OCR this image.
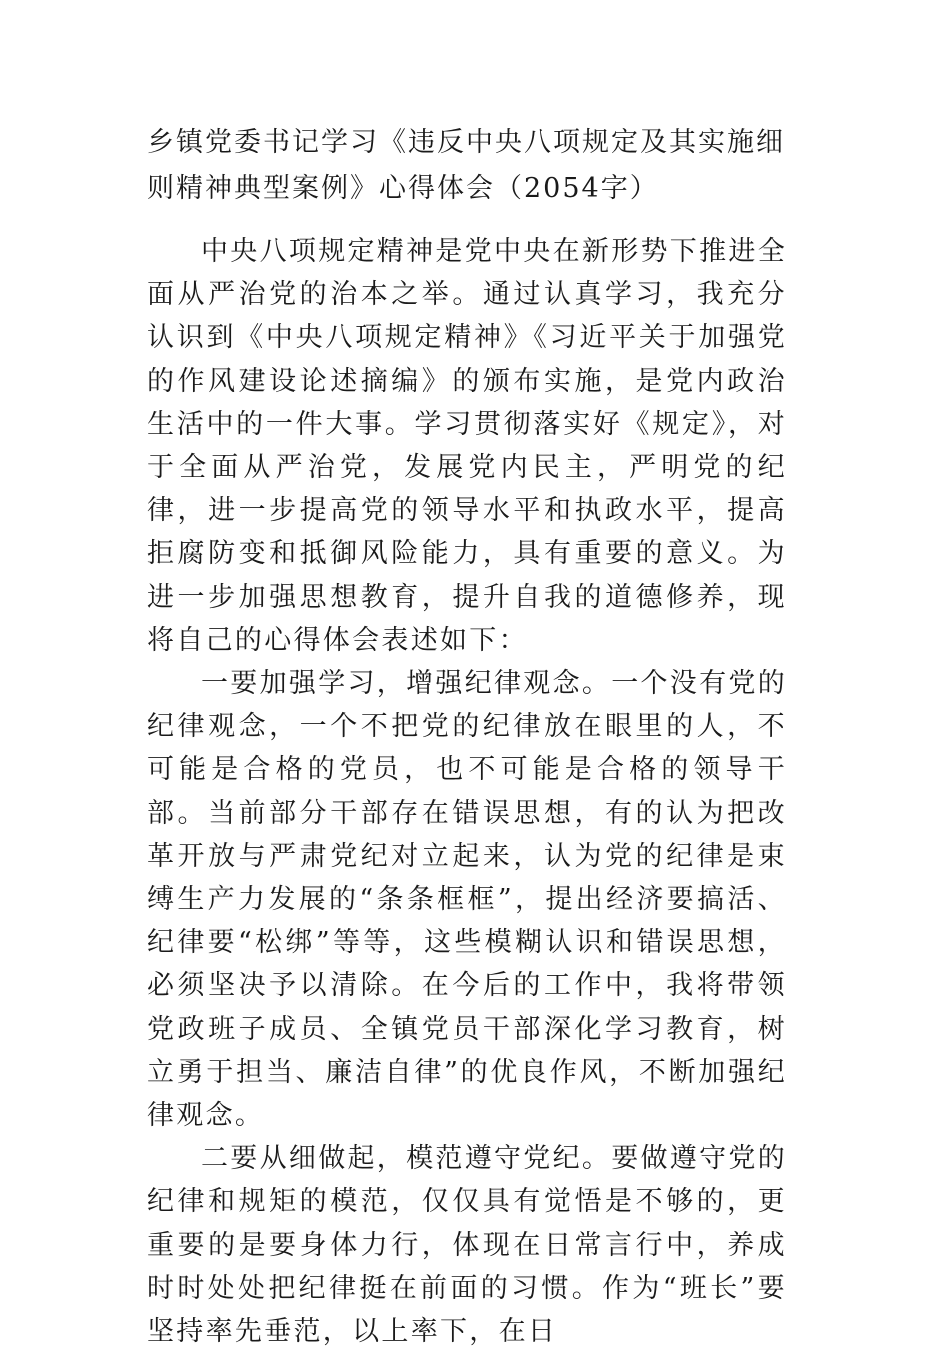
乡镇党委书记学习《违反中央八项规定及其实施细则精神典型案例》心得体会（2054字）

中央八项规定精神是党中央在新形势下推进全面从严治党的治本之举。通过认真学习，我充分认识到《中央八项规定精神》《习近平关于加强党的作风建设论述摘编》的颁布实施，是党内政治生活中的一件大事。学习贯彻落实好《规定》，对于全面从严治党，发展党内民主，严明党的纪律，进一步提高党的领导水平和执政水平，提高拒腐防变和抵御风险能力，具有重要的意义。为进一步加强思想教育，提升自我的道德修养，现将自己的心得体会表述如下：

一要加强学习，增强纪律观念。一个没有党的纪律观念，一个不把党的纪律放在眼里的人，不可能是合格的党员，也不可能是合格的领导干部。当前部分干部存在错误思想，有的认为把改革开放与严肃党纪对立起来，认为党的纪律是束缚生产力发展的“条条框框”，提出经济要搞活、纪律要“松绑”等等，这些模糊认识和错误思想，必须坚决予以清除。在今后的工作中，我将带领党政班子成员、全镇党员干部深化学习教育，树立勇于担当、廉洁自律”的优良作风，不断加强纪律观念。

二要从细做起，模范遵守党纪。要做遵守党的纪律和规矩的模范，仅仅具有觉悟是不够的，更重要的是要身体力行，体现在日常言行中，养成时时处处把纪律挺在前面的习惯。作为“班长”要坚持率先垂范，以上率下，在日
